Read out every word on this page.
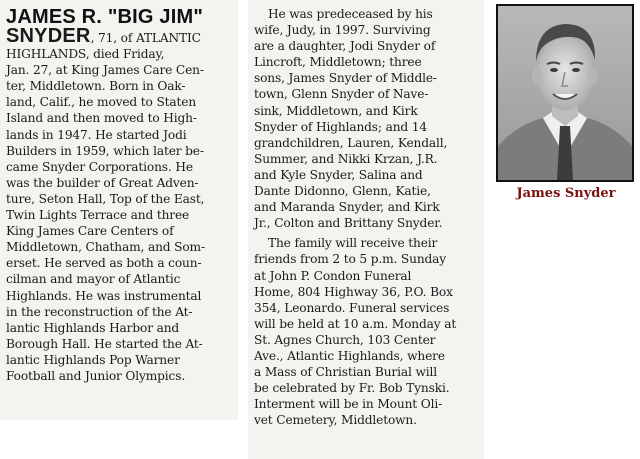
JAMES R. "BIG JIM"

SNYDER, 71, of ATLANTIC
HIGHLANDS, died Friday,
Jan. 27, at King James Care Cen-
ter, Middletown. Born in Oak-
land, Calif., he moved to Staten
Island and then moved to High-
lands in 1947. He started Jodi
Builders in 1959, which later be-
came Snyder Corporations. He
was the builder of Great Adven-
ture, Seton Hall, Top of the East,
Twin Lights Terrace and three
King James Care Centers of
Middletown, Chatham, and Som-
erset. He served as both a coun-
cilman and mayor of Atlantic
Highlands. He was instrumental
in the reconstruction of the At-
lantic Highlands Harbor and
Borough Hall. He started the At-
lantic Highlands Pop Warner
Football and Junior Olympics.
He was predeceased by his
wife, Judy, in 1997. Surviving
are a daughter, Jodi Snyder of
Lincroft, Middletown; three
sons, James Snyder of Middle-
town, Glenn Snyder of Nave-
sink, Middletown, and Kirk
Snyder of Highlands; and 14
grandchildren, Lauren, Kendall,
Summer, and Nikki Krzan, J.R.
and Kyle Snyder, Salina and
Dante Didonno, Glenn, Katie,
and Maranda Snyder, and Kirk
Jr., Colton and Brittany Snyder.
The family will receive their
friends from 2 to 5 p.m. Sunday
at John P. Condon Funeral
Home, 804 Highway 36, P.O. Box
354, Leonardo. Funeral services
will be held at 10 a.m. Monday at
St. Agnes Church, 103 Center
Ave., Atlantic Highlands, where
a Mass of Christian Burial will
be celebrated by Fr. Bob Tynski.
Interment will be in Mount Oli-
vet Cemetery, Middletown.
James Snyder
